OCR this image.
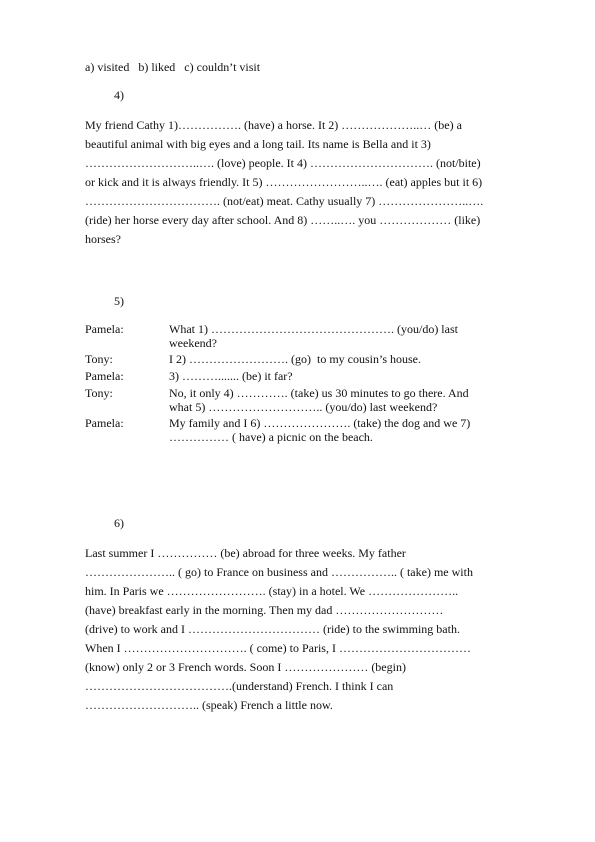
a) visited   b) liked   c) couldn’t visit
4)
My friend Cathy 1)……………. (have) a horse. It 2) ………………..… (be) a
beautiful animal with big eyes and a long tail. Its name is Bella and it 3)
………………………..…. (love) people. It 4) …………………………. (not/bite)
or kick and it is always friendly. It 5) ……………………..…. (eat) apples but it 6)
……………………………. (not/eat) meat. Cathy usually 7) …………………..….
(ride) her horse every day after school. And 8) ……..…. you ……………… (like)
horses?
5)
Pamela:	What 1) ………………………………………. (you/do) last
weekend?
Tony:	I 2) ……………………. (go)  to my cousin’s house.
Pamela:	3) ………....... (be) it far?
Tony:	No, it only 4) …………. (take) us 30 minutes to go there. And
what 5) ……………………….. (you/do) last weekend?
Pamela:	My family and I 6) …………………. (take) the dog and we 7)
…………… ( have) a picnic on the beach.
6)
Last summer I …………… (be) abroad for three weeks. My father
………………….. ( go) to France on business and …………….. ( take) me with
him. In Paris we ……………………. (stay) in a hotel. We …………………..
(have) breakfast early in the morning. Then my dad ………………………
(drive) to work and I …………………………… (ride) to the swimming bath.
When I …………………………. ( come) to Paris, I ……………………………
(know) only 2 or 3 French words. Soon I ………………… (begin)
……………………………….(understand) French. I think I can
……………………….. (speak) French a little now.
